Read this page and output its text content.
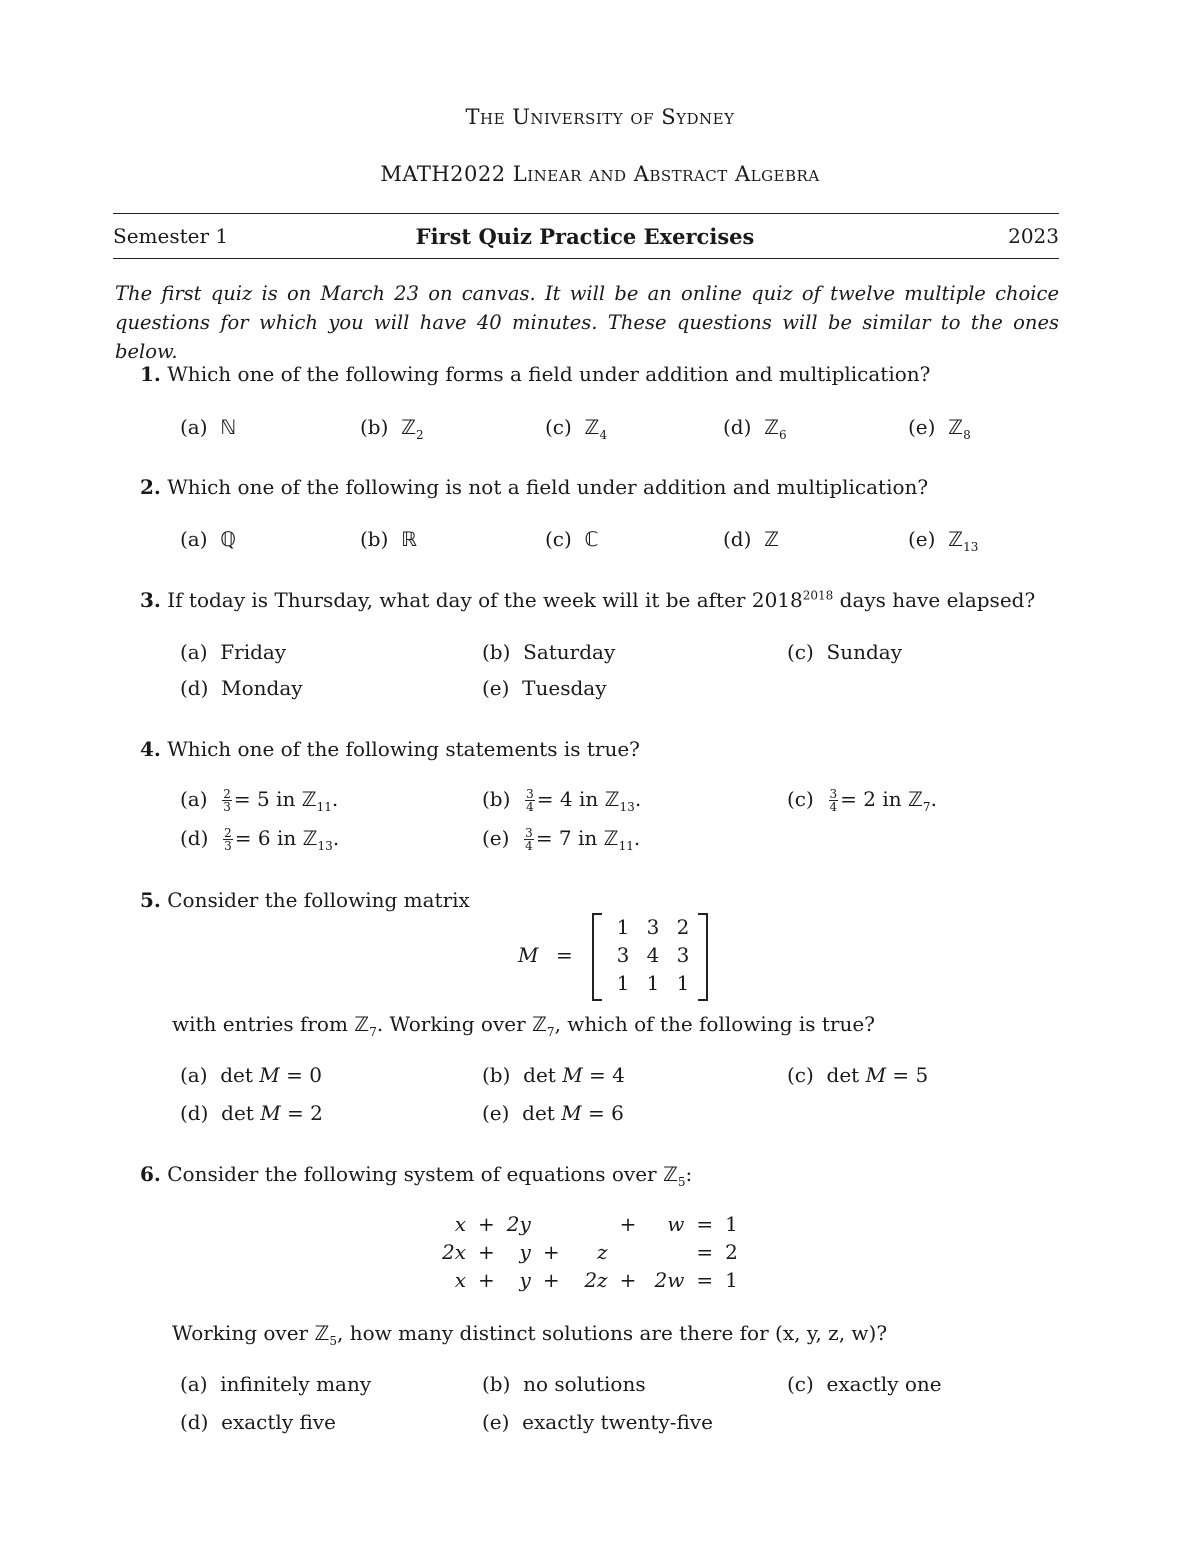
The University of Sydney
MATH2022 Linear and Abstract Algebra
Semester 1	First Quiz Practice Exercises	2023
The first quiz is on March 23 on canvas. It will be an online quiz of twelve multiple choice questions for which you will have 40 minutes. These questions will be similar to the ones below.
1. Which one of the following forms a field under addition and multiplication?
(a) ℕ	(b) ℤ$_2$	(c) ℤ$_4$	(d) ℤ$_6$	(e) ℤ$_8$
2. Which one of the following is not a field under addition and multiplication?
(a) ℚ	(b) ℝ	(c) ℂ	(d) ℤ	(e) ℤ$_{13}$
3. If today is Thursday, what day of the week will it be after $2018^{2018}$ days have elapsed?
(a) Friday	(b) Saturday	(c) Sunday
(d) Monday	(e) Tuesday
4. Which one of the following statements is true?
$(a) \frac{2}{3} = 5$ in ℤ$_{11}$.	$(b) \frac{3}{4} = 4$ in ℤ$_{13}$.	$(c) \frac{3}{4} = 2$ in ℤ$_7$.
$(d) \frac{2}{3} = 6$ in ℤ$_{13}$.	$(e) \frac{3}{4} = 7$ in ℤ$_{11}$.
5. Consider the following matrix
M =
1 3 2
3 4 3
1 1 1
with entries from ℤ$_7$. Working over ℤ$_7$, which of the following is true?
(a) det M = 0	(b) det M = 4	(c) det M = 5
(d) det M = 2	(e) det M = 6
6. Consider the following system of equations over ℤ$_5$:
x	+	2y			+	w	=	1
2x	+	y	+	z			=	2
x	+	y	+	2z	+	2w	=	1
Working over ℤ$_5$, how many distinct solutions are there for (x, y, z, w)?
(a) infinitely many	(b) no solutions	(c) exactly one
(d) exactly five	(e) exactly twenty-five
